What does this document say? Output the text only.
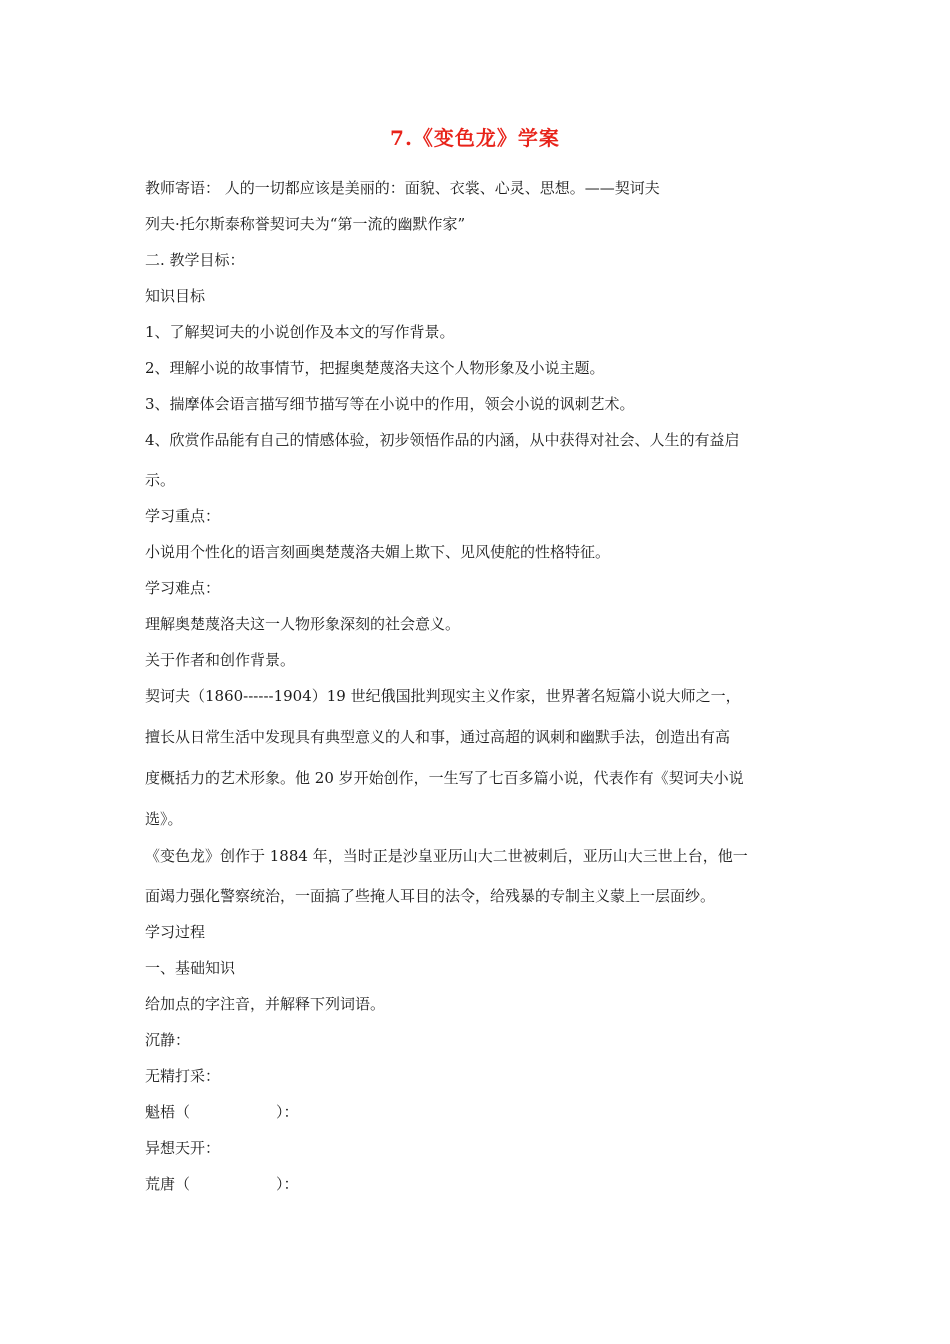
7.《变色龙》学案
教师寄语： 人的一切都应该是美丽的：面貌、衣裳、心灵、思想。——契诃夫
列夫·托尔斯泰称誉契诃夫为“第一流的幽默作家”
二. 教学目标：
知识目标
1、了解契诃夫的小说创作及本文的写作背景。
2、理解小说的故事情节，把握奥楚蔑洛夫这个人物形象及小说主题。
3、揣摩体会语言描写细节描写等在小说中的作用，领会小说的讽刺艺术。
4、欣赏作品能有自己的情感体验，初步领悟作品的内涵，从中获得对社会、人生的有益启
示。
学习重点：
小说用个性化的语言刻画奥楚蔑洛夫媚上欺下、见风使舵的性格特征。
学习难点：
理解奥楚蔑洛夫这一人物形象深刻的社会意义。
关于作者和创作背景。
契诃夫（1860------1904）19 世纪俄国批判现实主义作家，世界著名短篇小说大师之一，
擅长从日常生活中发现具有典型意义的人和事，通过高超的讽刺和幽默手法，创造出有高
度概括力的艺术形象。他 20 岁开始创作，一生写了七百多篇小说，代表作有《契诃夫小说
选》。
《变色龙》创作于 1884 年，当时正是沙皇亚历山大二世被刺后，亚历山大三世上台，他一
面竭力强化警察统治，一面搞了些掩人耳目的法令，给残暴的专制主义蒙上一层面纱。
学习过程
一、基础知识
给加点的字注音，并解释下列词语。
沉静：
无精打采：
魁梧（	）：
异想天开：
荒唐（	）：
